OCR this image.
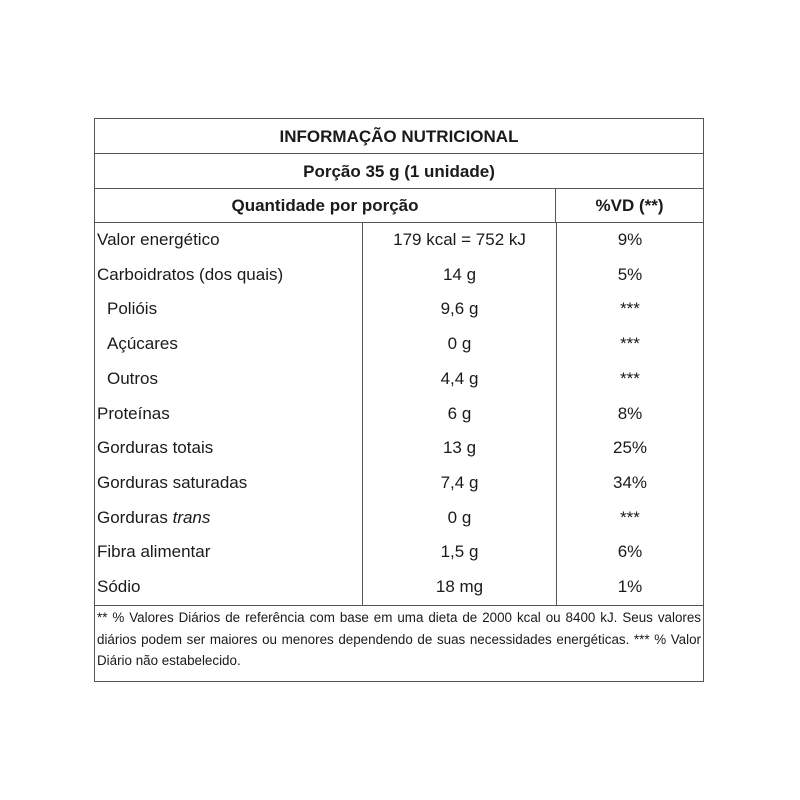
INFORMAÇÃO NUTRICIONAL
Porção 35 g (1 unidade)
Quantidade por porção	%VD (**)
Valor energético	179 kcal = 752 kJ	9%
Carboidratos (dos quais)	14 g	5%
Polióis	9,6 g	***
Açúcares	0 g	***
Outros	4,4 g	***
Proteínas	6 g	8%
Gorduras totais	13 g	25%
Gorduras saturadas	7,4 g	34%
Gorduras trans	0 g	***
Fibra alimentar	1,5 g	6%
Sódio	18 mg	1%
** % Valores Diários de referência com base em uma dieta de 2000 kcal ou 8400 kJ. Seus valores diários podem ser maiores ou menores dependendo de suas necessidades energéticas. *** % Valor Diário não estabelecido.
